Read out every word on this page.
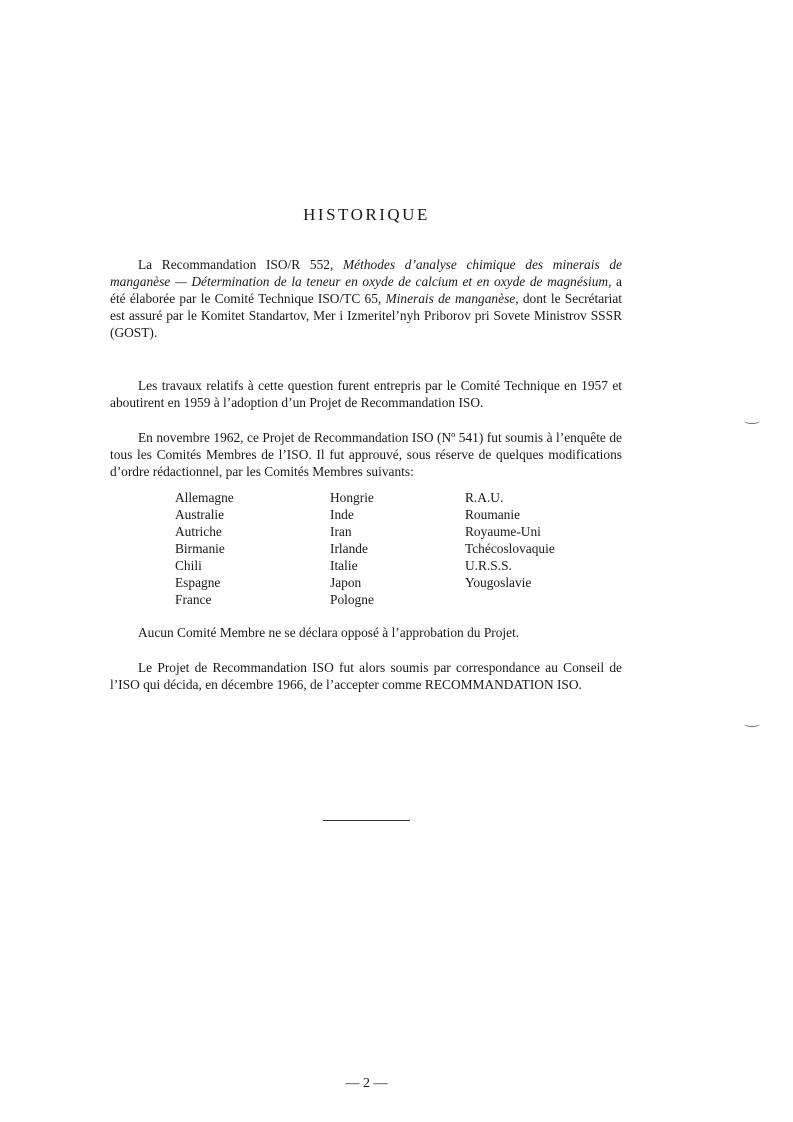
HISTORIQUE

La Recommandation ISO/R 552, Méthodes d’analyse chimique des minerais de manganèse — Détermination de la teneur en oxyde de calcium et en oxyde de magnésium, a été élaborée par le Comité Technique ISO/TC 65, Minerais de manganèse, dont le Secrétariat est assuré par le Komitet Standartov, Mer i Izmeritel’nyh Priborov pri Sovete Ministrov SSSR (GOST).

Les travaux relatifs à cette question furent entrepris par le Comité Technique en 1957 et aboutirent en 1959 à l’adoption d’un Projet de Recommandation ISO.

En novembre 1962, ce Projet de Recommandation ISO (Nº 541) fut soumis à l’enquête de tous les Comités Membres de l’ISO. Il fut approuvé, sous réserve de quelques modifications d’ordre rédactionnel, par les Comités Membres suivants:

Allemagne
Australie
Autriche
Birmanie
Chili
Espagne
France
Hongrie
Inde
Iran
Irlande
Italie
Japon
Pologne
R.A.U.
Roumanie
Royaume-Uni
Tchécoslovaquie
U.R.S.S.
Yougoslavie

Aucun Comité Membre ne se déclara opposé à l’approbation du Projet.

Le Projet de Recommandation ISO fut alors soumis par correspondance au Conseil de l’ISO qui décida, en décembre 1966, de l’accepter comme RECOMMANDATION ISO.

— 2 —
